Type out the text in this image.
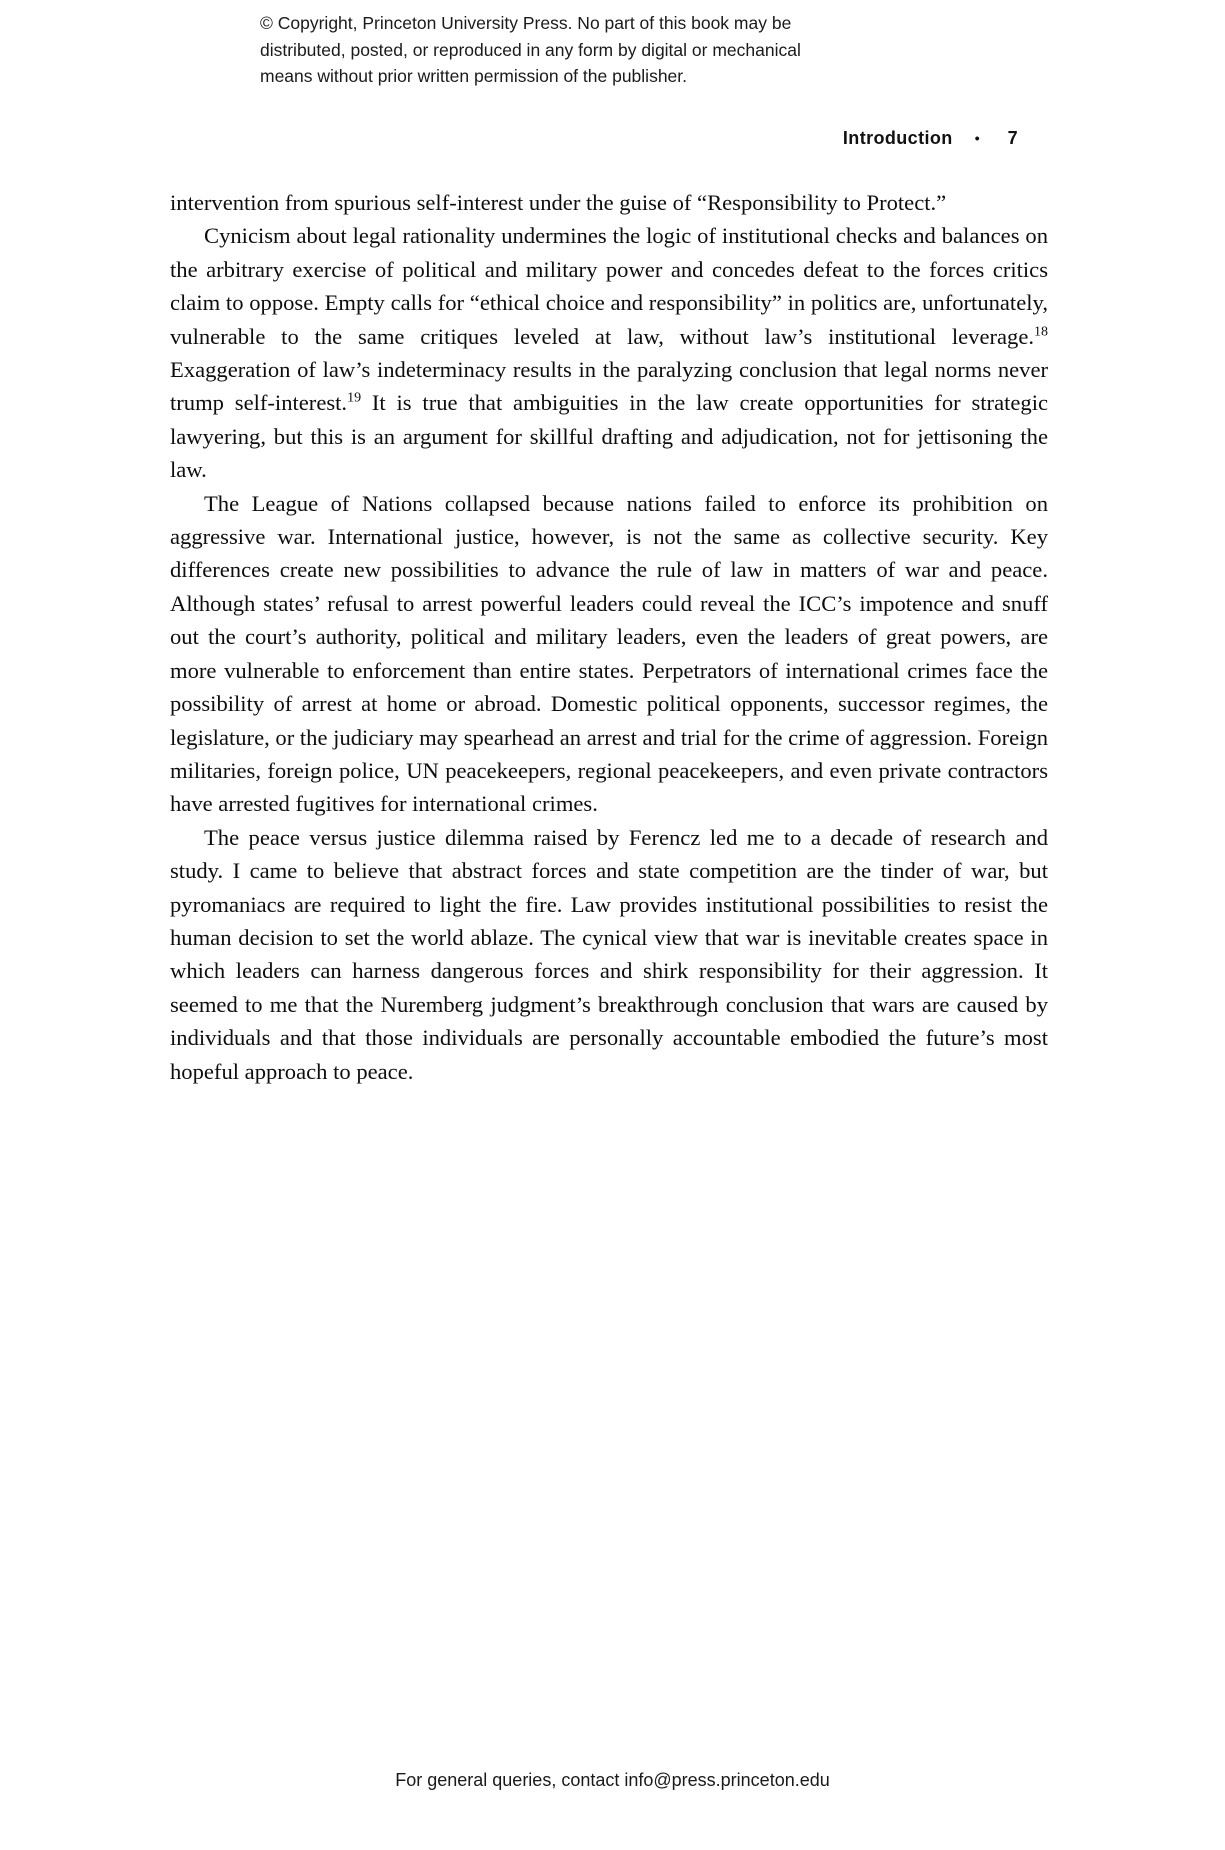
© Copyright, Princeton University Press. No part of this book may be
distributed, posted, or reproduced in any form by digital or mechanical
means without prior written permission of the publisher.
Introduction •	7

intervention from spurious self-interest under the guise of “Responsibility to Protect.”

Cynicism about legal rationality undermines the logic of institutional checks and balances on the arbitrary exercise of political and military power and concedes defeat to the forces critics claim to oppose. Empty calls for “ethical choice and responsibility” in politics are, unfortunately, vulnerable to the same critiques leveled at law, without law’s institutional leverage.$^{18}$ Exaggeration of law’s indeterminacy results in the paralyzing conclusion that legal norms never trump self-interest.$^{19}$ It is true that ambiguities in the law create opportunities for strategic lawyering, but this is an argument for skillful drafting and adjudication, not for jettisoning the law.

The League of Nations collapsed because nations failed to enforce its prohibition on aggressive war. International justice, however, is not the same as collective security. Key differences create new possibilities to advance the rule of law in matters of war and peace. Although states’ refusal to arrest powerful leaders could reveal the ICC’s impotence and snuff out the court’s authority, political and military leaders, even the leaders of great powers, are more vulnerable to enforcement than entire states. Perpetrators of international crimes face the possibility of arrest at home or abroad. Domestic political opponents, successor regimes, the legislature, or the judiciary may spearhead an arrest and trial for the crime of aggression. Foreign militaries, foreign police, UN peacekeepers, regional peacekeepers, and even private contractors have arrested fugitives for international crimes.

The peace versus justice dilemma raised by Ferencz led me to a decade of research and study. I came to believe that abstract forces and state competition are the tinder of war, but pyromaniacs are required to light the fire. Law provides institutional possibilities to resist the human decision to set the world ablaze. The cynical view that war is inevitable creates space in which leaders can harness dangerous forces and shirk responsibility for their aggression. It seemed to me that the Nuremberg judgment’s breakthrough conclusion that wars are caused by individuals and that those individuals are personally accountable embodied the future’s most hopeful approach to peace.

For general queries, contact info@press.princeton.edu
